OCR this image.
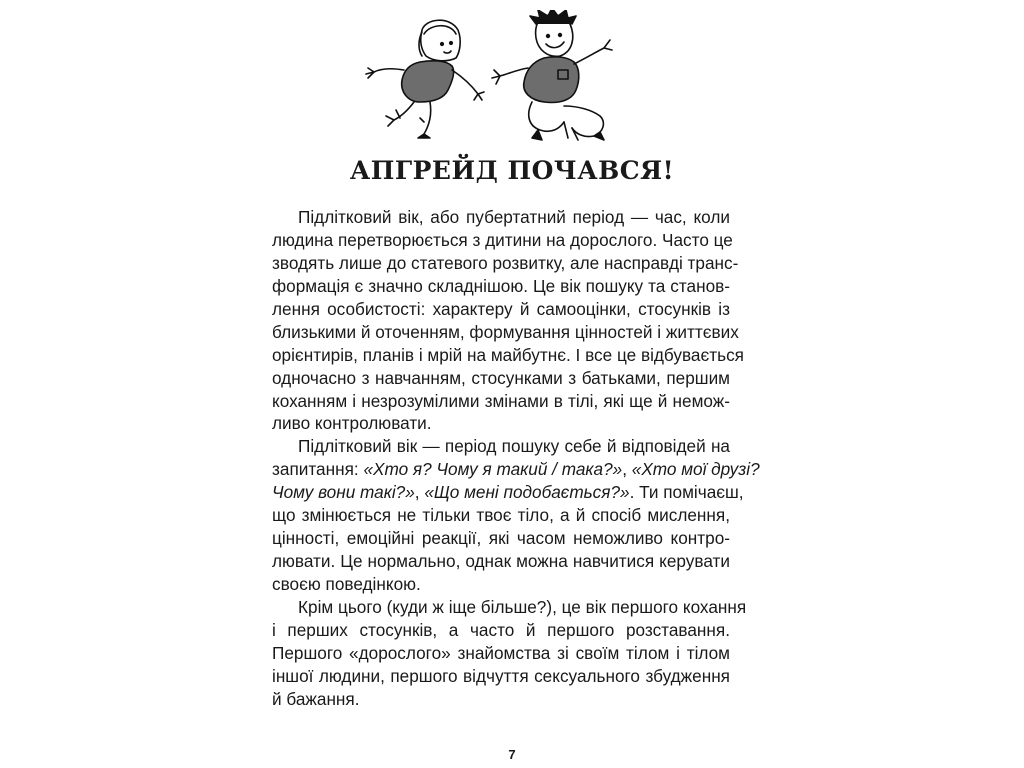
АПГРЕЙД ПОЧАВСЯ!
Підлітковий вік, або пубертатний період — час, коли
людина перетворюється з дитини на дорослого. Часто це
зводять лише до статевого розвитку, але насправді транс-
формація є значно складнішою. Це вік пошуку та станов-
лення особистості: характеру й самооцінки, стосунків із
близькими й оточенням, формування цінностей і життєвих
орієнтирів, планів і мрій на майбутнє. І все це відбувається
одночасно з навчанням, стосунками з батьками, першим
коханням і незрозумілими змінами в тілі, які ще й немож-
ливо контролювати.
Підлітковий вік — період пошуку себе й відповідей на
запитання: «Хто я? Чому я такий / така?», «Хто мої друзі?
Чому вони такі?», «Що мені подобається?». Ти помічаєш,
що змінюється не тільки твоє тіло, а й спосіб мислення,
цінності, емоційні реакції, які часом неможливо контро-
лювати. Це нормально, однак можна навчитися керувати
своєю поведінкою.
Крім цього (куди ж іще більше?), це вік першого кохання
і перших стосунків, а часто й першого розставання.
Першого «дорослого» знайомства зі своїм тілом і тілом
іншої людини, першого відчуття сексуального збудження
й бажання.
7
